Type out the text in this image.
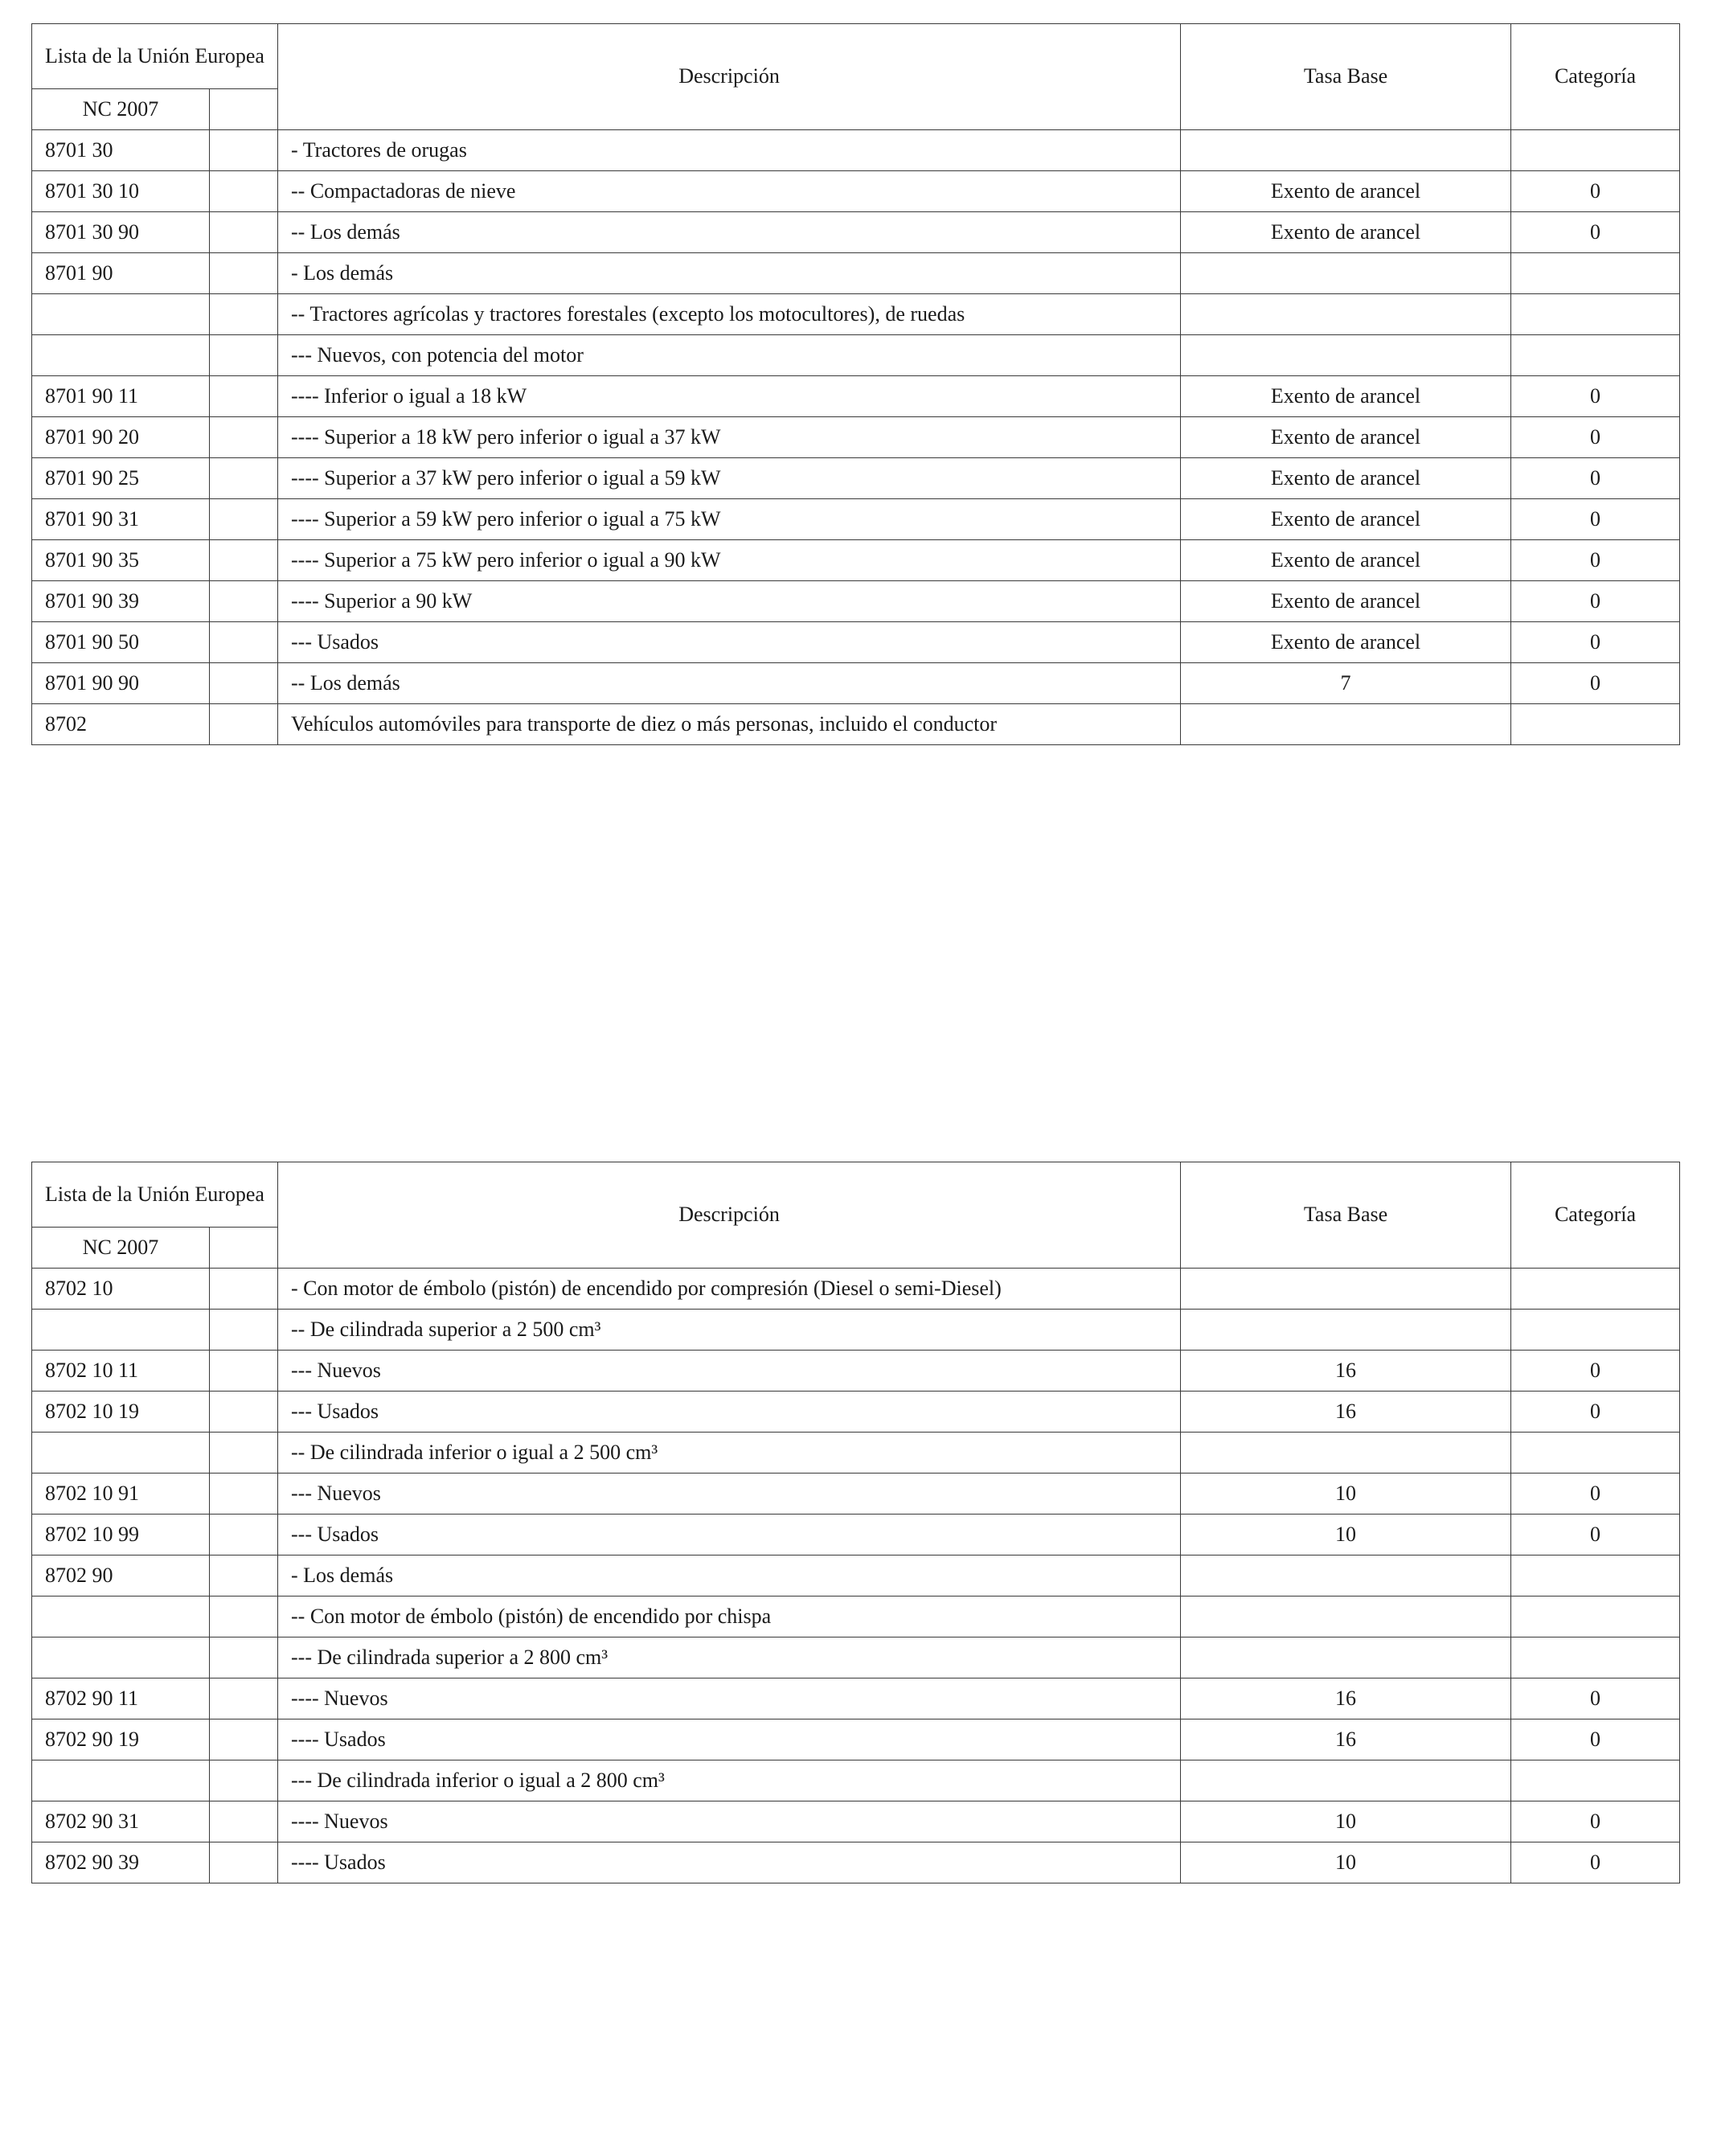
Lista de la Unión Europea		Descripción	Tasa Base	Categoría
NC 2007				
8701 30		- Tractores de orugas		
8701 30 10		-- Compactadoras de nieve	Exento de arancel	0
8701 30 90		-- Los demás	Exento de arancel	0
8701 90		- Los demás		
		-- Tractores agrícolas y tractores forestales (excepto los motocultores), de ruedas		
		--- Nuevos, con potencia del motor		
8701 90 11		---- Inferior o igual a 18 kW	Exento de arancel	0
8701 90 20		---- Superior a 18 kW pero inferior o igual a 37 kW	Exento de arancel	0
8701 90 25		---- Superior a 37 kW pero inferior o igual a 59 kW	Exento de arancel	0
8701 90 31		---- Superior a 59 kW pero inferior o igual a 75 kW	Exento de arancel	0
8701 90 35		---- Superior a 75 kW pero inferior o igual a 90 kW	Exento de arancel	0
8701 90 39		---- Superior a 90 kW	Exento de arancel	0
8701 90 50		--- Usados	Exento de arancel	0
8701 90 90		-- Los demás	7	0
8702		Vehículos automóviles para transporte de diez o más personas, incluido el conductor		
Lista de la Unión Europea		Descripción	Tasa Base	Categoría
NC 2007				
8702 10		- Con motor de émbolo (pistón) de encendido por compresión (Diesel o semi-Diesel)		
		-- De cilindrada superior a 2 500 cm³		
8702 10 11		--- Nuevos	16	0
8702 10 19		--- Usados	16	0
		-- De cilindrada inferior o igual a 2 500 cm³		
8702 10 91		--- Nuevos	10	0
8702 10 99		--- Usados	10	0
8702 90		- Los demás		
		-- Con motor de émbolo (pistón) de encendido por chispa		
		--- De cilindrada superior a 2 800 cm³		
8702 90 11		---- Nuevos	16	0
8702 90 19		---- Usados	16	0
		--- De cilindrada inferior o igual a 2 800 cm³		
8702 90 31		---- Nuevos	10	0
8702 90 39		---- Usados	10	0
